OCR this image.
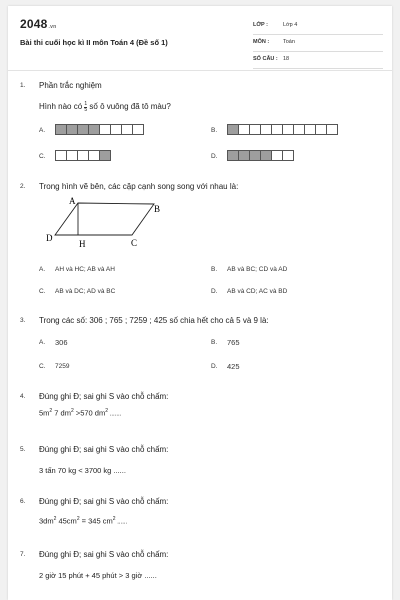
2048.vn
Bài thi cuối học kì II môn Toán 4 (Đề số 1)
LỚP :	Lớp 4
MÔN :	Toán
SỐ CÂU : 18
1. Phần trắc nghiệm
Hình nào có $\frac{1}{5}$ số ô vuông đã tô màu?
A.	B.
C.	D.
2. Trong hình vẽ bên, các cặp cạnh song song với nhau là:
A
B
C
D
H
A. AH và HC; AB và AH	B. AB và BC; CD và AD
C. AB và DC; AD và BC	D. AB và CD; AC và BD
3. Trong các số: 306 ; 765 ; 7259 ; 425 số chia hết cho cả 5 và 9 là:
A. 306	B. 765
C. 7259	D. 425
4. Đúng ghi Đ; sai ghi S vào chỗ chấm:
$5m^2$ 7 $dm^2 >570$ $dm^2$ .......
5. Đúng ghi Đ; sai ghi S vào chỗ chấm:
3 tấn 70 kg < 3700 kg ......
6. Đúng ghi Đ; sai ghi S vào chỗ chấm:
$3dm^2$ $45cm^2 = 345$ $cm^2$ ......
7. Đúng ghi Đ; sai ghi S vào chỗ chấm:
2 giờ 15 phút + 45 phút > 3 giờ ......
